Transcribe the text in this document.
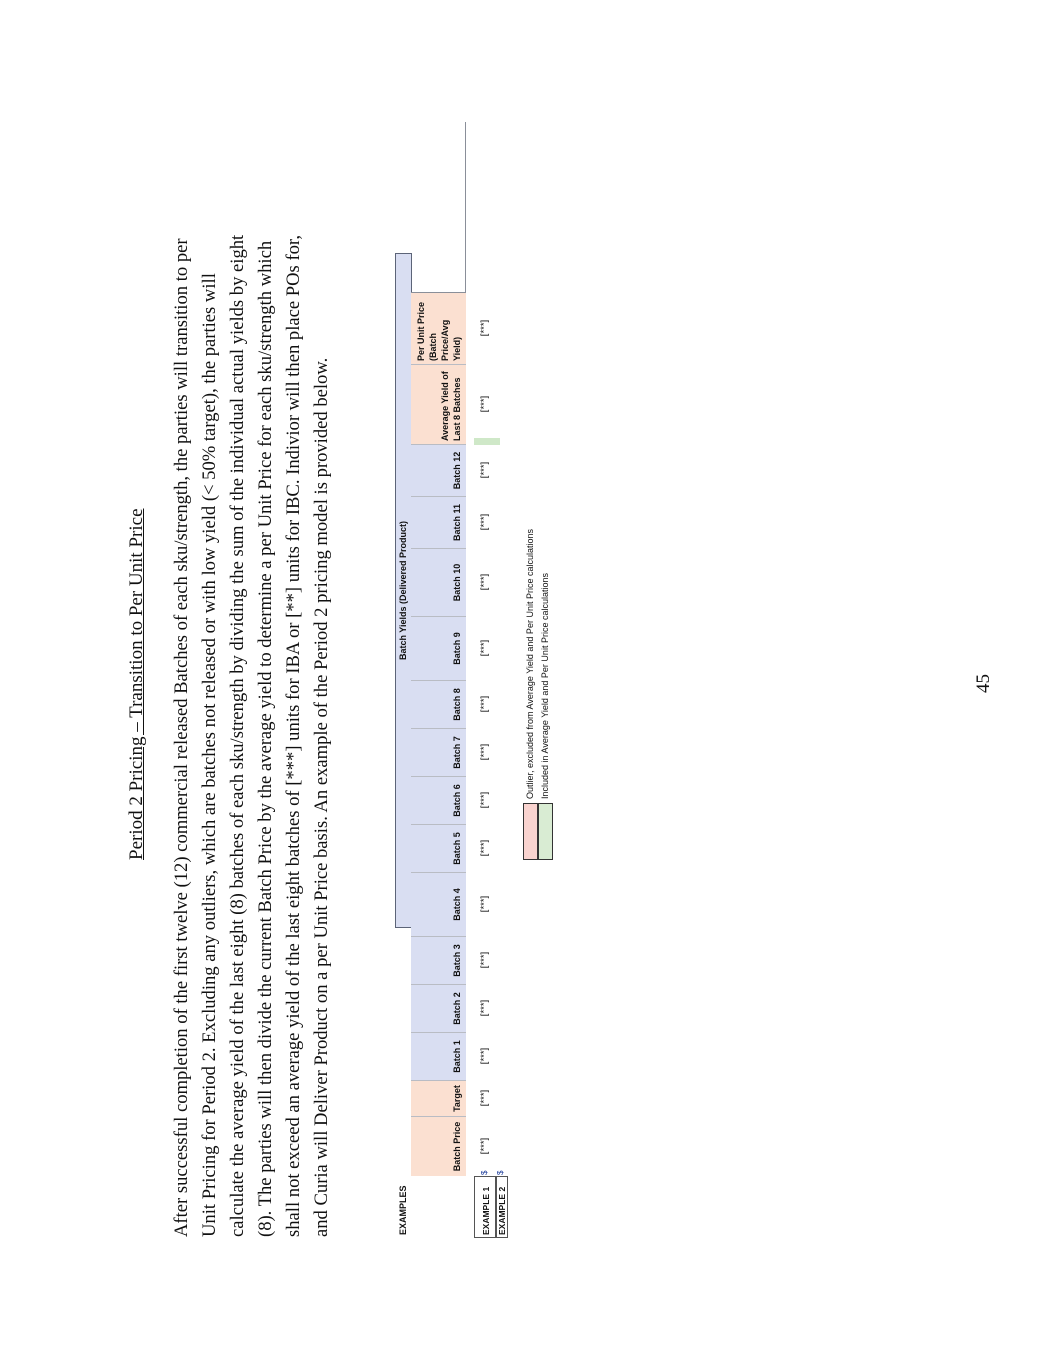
Period 2 Pricing – Transition to Per Unit Price After successful completion of the first twelve (12) commercial released Batches of each sku/strength, the parties will transition to per Unit Pricing for Period 2. Excluding any outliers, which are batches not released or with low yield (< 50% target), the parties will calculate the average yield of the last eight (8) batches of each sku/strength by dividing the sum of the individual actual yields by eight (8). The parties will then divide the current Batch Price by the average yield to determine a per Unit Price for each sku/strength which shall not exceed an average yield of the last eight batches of [***] units for IBA or [**] units for IBC. Indivior will then place POs for, and Curia will Deliver Product on a per Unit Price basis. An example of the Period 2 pricing model is provided below.	EXAMPLES
Batch Yields (Delivered Product)
Batch Price
Target
Batch 1
Batch 2
Batch 3
Batch 4
Batch 5
Batch 6
Batch 7
Batch 8
Batch 9
Batch 10
Batch 11
Batch 12
Average Yield of Last 8 Batches
Per Unit Price (Batch Price/Avg Yield)
EXAMPLE 1
$
[***]
[***]
[***]
[***]
[***]
[***]
[***]
[***]
[***]
[***]
[***]
[***]
[***]
[***]
[***]
[***]
EXAMPLE 2
$
Outlier, excluded from Average Yield and Per Unit Price calculations Included in Average Yield and Per Unit Price calculations	45
